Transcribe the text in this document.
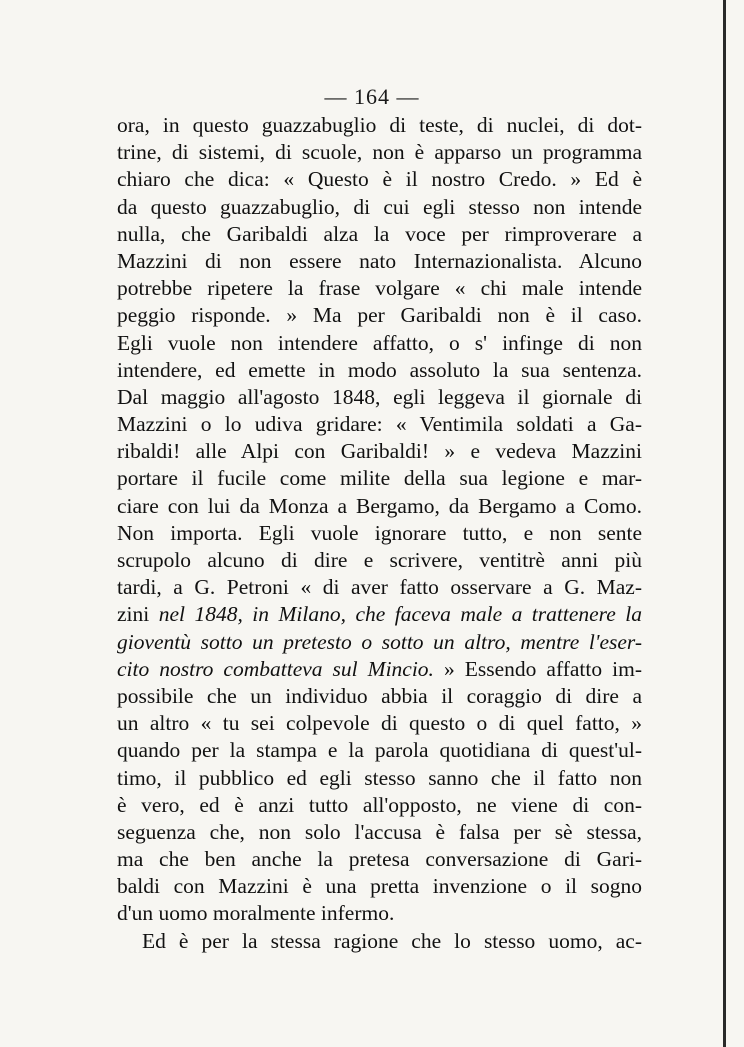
— 164 —
ora, in questo guazzabuglio di teste, di nuclei, di dot-
trine, di sistemi, di scuole, non è apparso un programma
chiaro che dica: « Questo è il nostro Credo. » Ed è
da questo guazzabuglio, di cui egli stesso non intende
nulla, che Garibaldi alza la voce per rimproverare a
Mazzini di non essere nato Internazionalista. Alcuno
potrebbe ripetere la frase volgare « chi male intende
peggio risponde. » Ma per Garibaldi non è il caso.
Egli vuole non intendere affatto, o s' infinge di non
intendere, ed emette in modo assoluto la sua sentenza.
Dal maggio all'agosto 1848, egli leggeva il giornale di
Mazzini o lo udiva gridare: « Ventimila soldati a Ga-
ribaldi! alle Alpi con Garibaldi! » e vedeva Mazzini
portare il fucile come milite della sua legione e mar-
ciare con lui da Monza a Bergamo, da Bergamo a Como.
Non importa. Egli vuole ignorare tutto, e non sente
scrupolo alcuno di dire e scrivere, ventitrè anni più
tardi, a G. Petroni « di aver fatto osservare a G. Maz-
zini nel 1848, in Milano, che faceva male a trattenere la
gioventù sotto un pretesto o sotto un altro, mentre l'eser-
cito nostro combatteva sul Mincio. » Essendo affatto im-
possibile che un individuo abbia il coraggio di dire a
un altro « tu sei colpevole di questo o di quel fatto, »
quando per la stampa e la parola quotidiana di quest'ul-
timo, il pubblico ed egli stesso sanno che il fatto non
è vero, ed è anzi tutto all'opposto, ne viene di con-
seguenza che, non solo l'accusa è falsa per sè stessa,
ma che ben anche la pretesa conversazione di Gari-
baldi con Mazzini è una pretta invenzione o il sogno
d'un uomo moralmente infermo.
Ed è per la stessa ragione che lo stesso uomo, ac-
